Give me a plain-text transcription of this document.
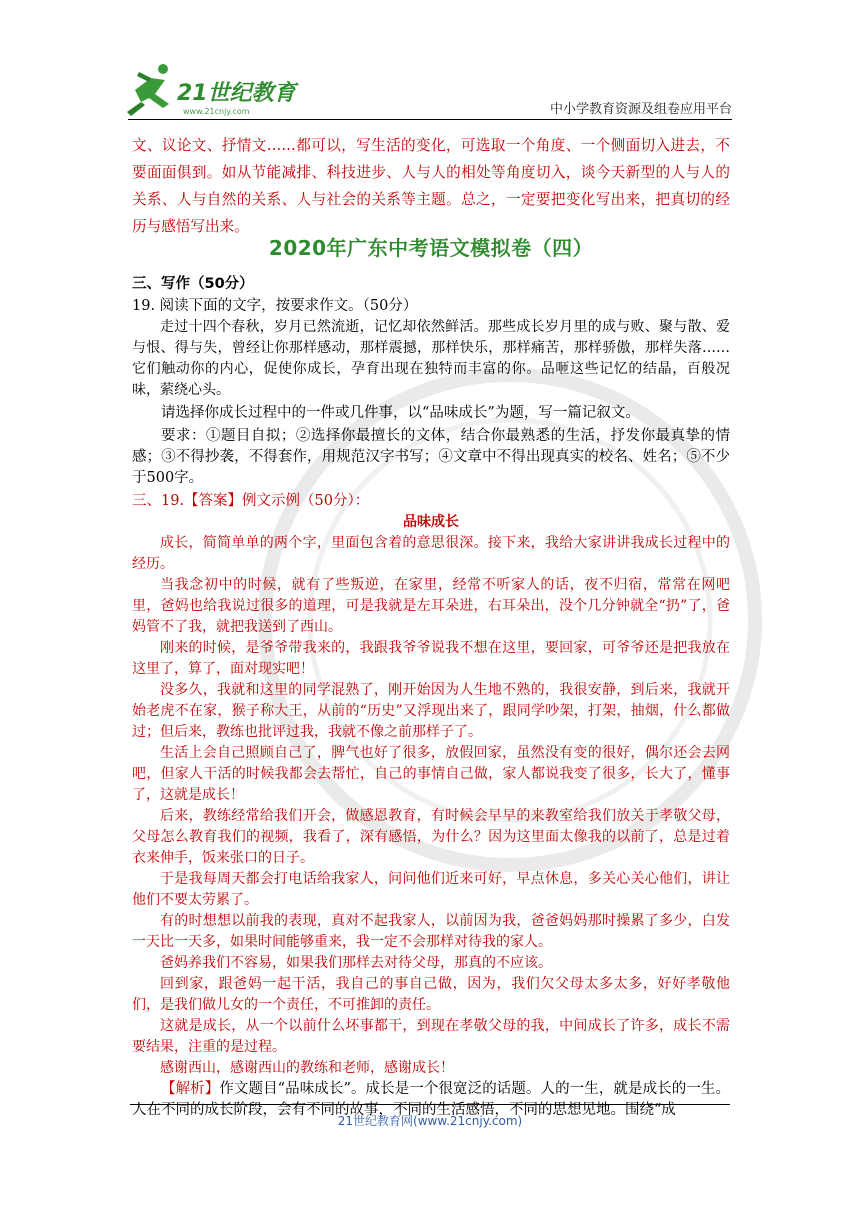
21世纪教育
www.21cnjy.com	中小学教育资源及组卷应用平台

文、议论文、抒情文……都可以，写生活的变化，可选取一个角度、一个侧面切入进去，不要面面俱到。如从节能减排、科技进步、人与人的相处等角度切入，谈今天新型的人与人的关系、人与自然的关系、人与社会的关系等主题。总之，一定要把变化写出来，把真切的经历与感悟写出来。

2020年广东中考语文模拟卷（四）
三、写作（50分）

19. 阅读下面的文字，按要求作文。（50分）

走过十四个春秋，岁月已然流逝，记忆却依然鲜活。那些成长岁月里的成与败、聚与散、爱与恨、得与失，曾经让你那样感动，那样震撼，那样快乐，那样痛苦，那样骄傲，那样失落……它们触动你的内心，促使你成长，孕育出现在独特而丰富的你。品咂这些记忆的结晶，百般况味，萦绕心头。

请选择你成长过程中的一件或几件事，以“品味成长”为题，写一篇记叙文。

要求：①题目自拟；②选择你最擅长的文体，结合你最熟悉的生活，抒发你最真挚的情感；③不得抄袭，不得套作，用规范汉字书写；④文章中不得出现真实的校名、姓名；⑤不少于500字。

三、19.【答案】例文示例（50分）：

品味成长

成长，简简单单的两个字，里面包含着的意思很深。接下来，我给大家讲讲我成长过程中的经历。

当我念初中的时候，就有了些叛逆，在家里，经常不听家人的话，夜不归宿，常常在网吧里，爸妈也给我说过很多的道理，可是我就是左耳朵进，右耳朵出，没个几分钟就全“扔”了，爸妈管不了我，就把我送到了西山。

刚来的时候，是爷爷带我来的，我跟我爷爷说我不想在这里，要回家，可爷爷还是把我放在这里了，算了，面对现实吧！

没多久，我就和这里的同学混熟了，刚开始因为人生地不熟的，我很安静，到后来，我就开始老虎不在家，猴子称大王，从前的“历史”又浮现出来了，跟同学吵架，打架，抽烟，什么都做过；但后来，教练也批评过我，我就不像之前那样子了。

生活上会自己照顾自己了，脾气也好了很多，放假回家，虽然没有变的很好，偶尔还会去网吧，但家人干活的时候我都会去帮忙，自己的事情自己做，家人都说我变了很多，长大了，懂事了，这就是成长！

后来，教练经常给我们开会，做感恩教育，有时候会早早的来教室给我们放关于孝敬父母，父母怎么教育我们的视频，我看了，深有感悟，为什么？因为这里面太像我的以前了，总是过着衣来伸手，饭来张口的日子。

于是我每周天都会打电话给我家人，问问他们近来可好，早点休息，多关心关心他们，讲让他们不要太劳累了。

有的时想想以前我的表现，真对不起我家人，以前因为我，爸爸妈妈那时操累了多少，白发一天比一天多，如果时间能够重来，我一定不会那样对待我的家人。

爸妈养我们不容易，如果我们那样去对待父母，那真的不应该。

回到家，跟爸妈一起干活，我自己的事自己做，因为，我们欠父母太多太多，好好孝敬他们，是我们做儿女的一个责任，不可推卸的责任。

这就是成长，从一个以前什么坏事都干，到现在孝敬父母的我，中间成长了许多，成长不需要结果，注重的是过程。

感谢西山，感谢西山的教练和老师，感谢成长！

【解析】作文题目“品味成长”。成长是一个很宽泛的话题。人的一生，就是成长的一生。人在不同的成长阶段，会有不同的故事，不同的生活感悟，不同的思想见地。围绕“成

21世纪教育网(www.21cnjy.com)
